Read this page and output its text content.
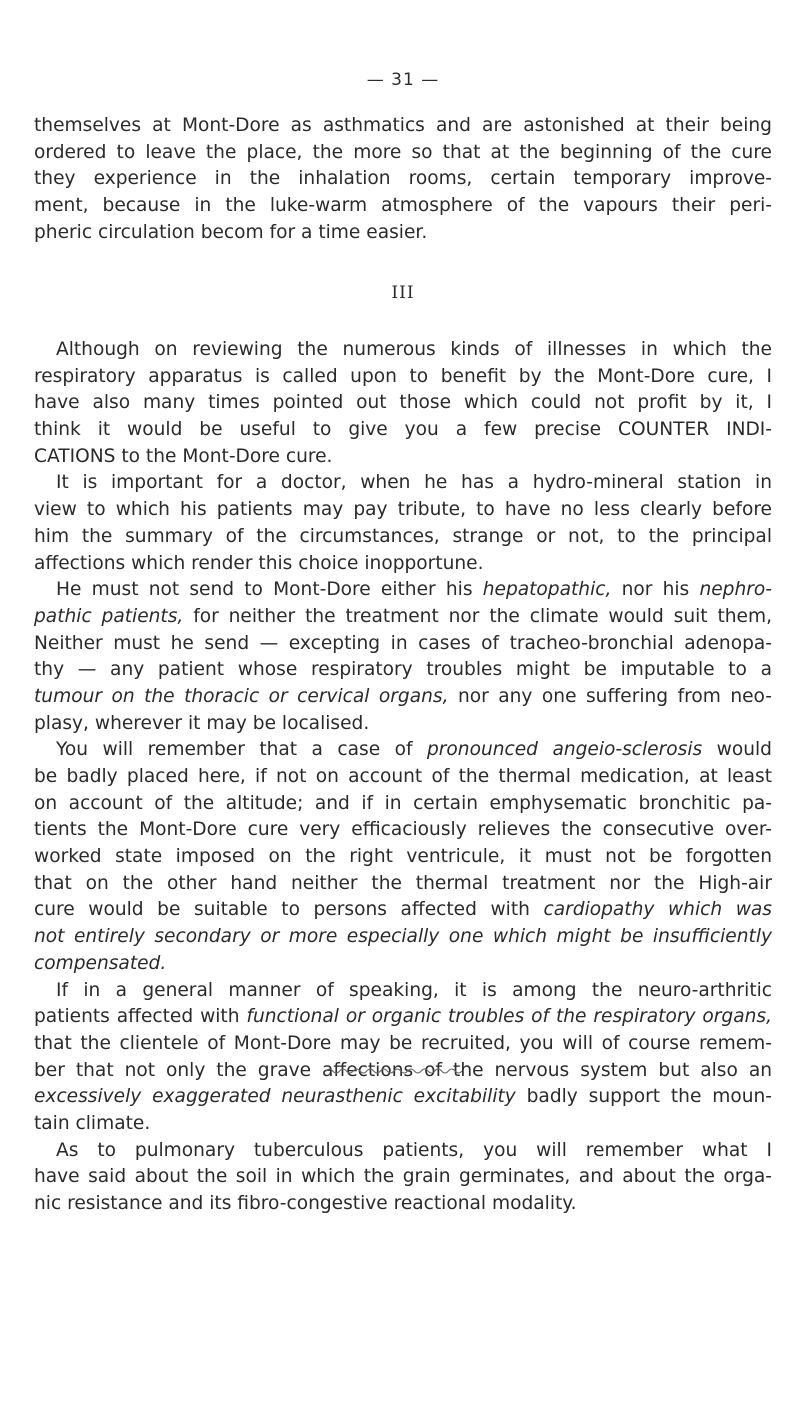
— 31 —
themselves at Mont-Dore as asthmatics and are astonished at their being
ordered to leave the place, the more so that at the beginning of the cure
they experience in the inhalation rooms, certain temporary improve-
ment, because in the luke-warm atmosphere of the vapours their peri-
pheric circulation becom for a time easier.
III
Although on reviewing the numerous kinds of illnesses in which the
respiratory apparatus is called upon to benefit by the Mont-Dore cure, I
have also many times pointed out those which could not profit by it, I
think it would be useful to give you a few precise COUNTER INDI-
CATIONS to the Mont-Dore cure.
It is important for a doctor, when he has a hydro-mineral station in
view to which his patients may pay tribute, to have no less clearly before
him the summary of the circumstances, strange or not, to the principal
affections which render this choice inopportune.
He must not send to Mont-Dore either his hepatopathic, nor his nephro-
pathic patients, for neither the treatment nor the climate would suit them,
Neither must he send — excepting in cases of tracheo-bronchial adenopa-
thy — any patient whose respiratory troubles might be imputable to a
tumour on the thoracic or cervical organs, nor any one suffering from neo-
plasy, wherever it may be localised.
You will remember that a case of pronounced angeio-sclerosis would
be badly placed here, if not on account of the thermal medication, at least
on account of the altitude; and if in certain emphysematic bronchitic pa-
tients the Mont-Dore cure very efficaciously relieves the consecutive over-
worked state imposed on the right ventricule, it must not be forgotten
that on the other hand neither the thermal treatment nor the High-air
cure would be suitable to persons affected with cardiopathy which was
not entirely secondary or more especially one which might be insufficiently
compensated.
If in a general manner of speaking, it is among the neuro-arthritic
patients affected with functional or organic troubles of the respiratory organs,
that the clientele of Mont-Dore may be recruited, you will of course remem-
ber that not only the grave affections of the nervous system but also an
excessively exaggerated neurasthenic excitability badly support the moun-
tain climate.
As to pulmonary tuberculous patients, you will remember what I
have said about the soil in which the grain germinates, and about the orga-
nic resistance and its fibro-congestive reactional modality.
